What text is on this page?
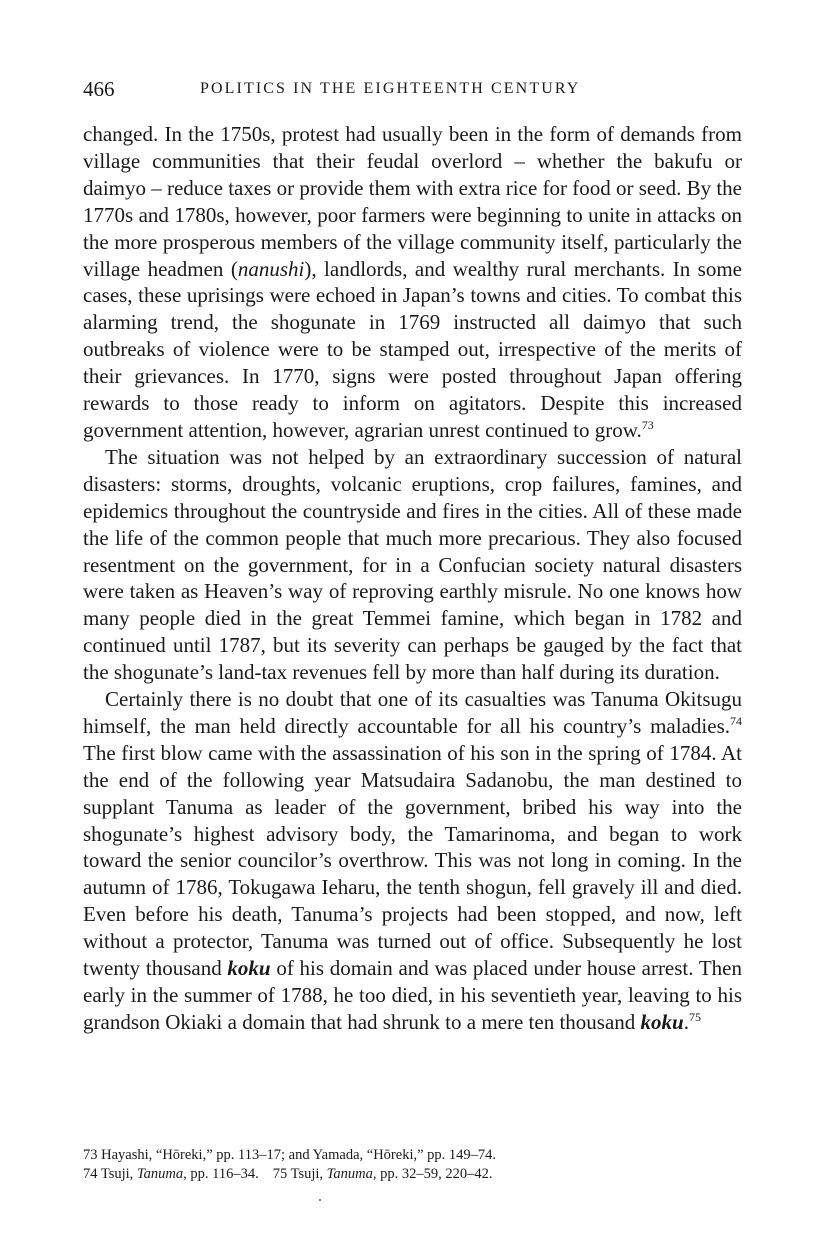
466	POLITICS IN THE EIGHTEENTH CENTURY

changed. In the 1750s, protest had usually been in the form of demands from village communities that their feudal overlord – whether the bakufu or daimyo – reduce taxes or provide them with extra rice for food or seed. By the 1770s and 1780s, however, poor farmers were beginning to unite in attacks on the more prosperous members of the village community itself, particularly the village headmen (nanushi), landlords, and wealthy rural merchants. In some cases, these uprisings were echoed in Japan’s towns and cities. To combat this alarming trend, the shogunate in 1769 instructed all daimyo that such outbreaks of violence were to be stamped out, irrespective of the merits of their grievances. In 1770, signs were posted throughout Japan offering rewards to those ready to inform on agitators. Despite this increased government attention, however, agrarian unrest continued to grow.$^{73}$

The situation was not helped by an extraordinary succession of natural disasters: storms, droughts, volcanic eruptions, crop failures, famines, and epidemics throughout the countryside and fires in the cities. All of these made the life of the common people that much more precarious. They also focused resentment on the government, for in a Confucian society natural disasters were taken as Heaven’s way of reproving earthly misrule. No one knows how many people died in the great Temmei famine, which began in 1782 and continued until 1787, but its severity can perhaps be gauged by the fact that the shogunate’s land-tax revenues fell by more than half during its duration.

Certainly there is no doubt that one of its casualties was Tanuma Okitsugu himself, the man held directly accountable for all his country’s maladies.$^{74}$ The first blow came with the assassination of his son in the spring of 1784. At the end of the following year Matsudaira Sadanobu, the man destined to supplant Tanuma as leader of the government, bribed his way into the shogunate’s highest advisory body, the Tamarinoma, and began to work toward the senior councilor’s overthrow. This was not long in coming. In the autumn of 1786, Tokugawa Ieharu, the tenth shogun, fell gravely ill and died. Even before his death, Tanuma’s projects had been stopped, and now, left without a protector, Tanuma was turned out of office. Subsequently he lost twenty thousand koku of his domain and was placed under house arrest. Then early in the summer of 1788, he too died, in his seventieth year, leaving to his grandson Okiaki a domain that had shrunk to a mere ten thousand koku.$^{75}$

73 Hayashi, “Hōreki,” pp. 113–17; and Yamada, “Hōreki,” pp. 149–74.

74 Tsuji, Tanuma, pp. 116–34. 75 Tsuji, Tanuma, pp. 32–59, 220–42.
